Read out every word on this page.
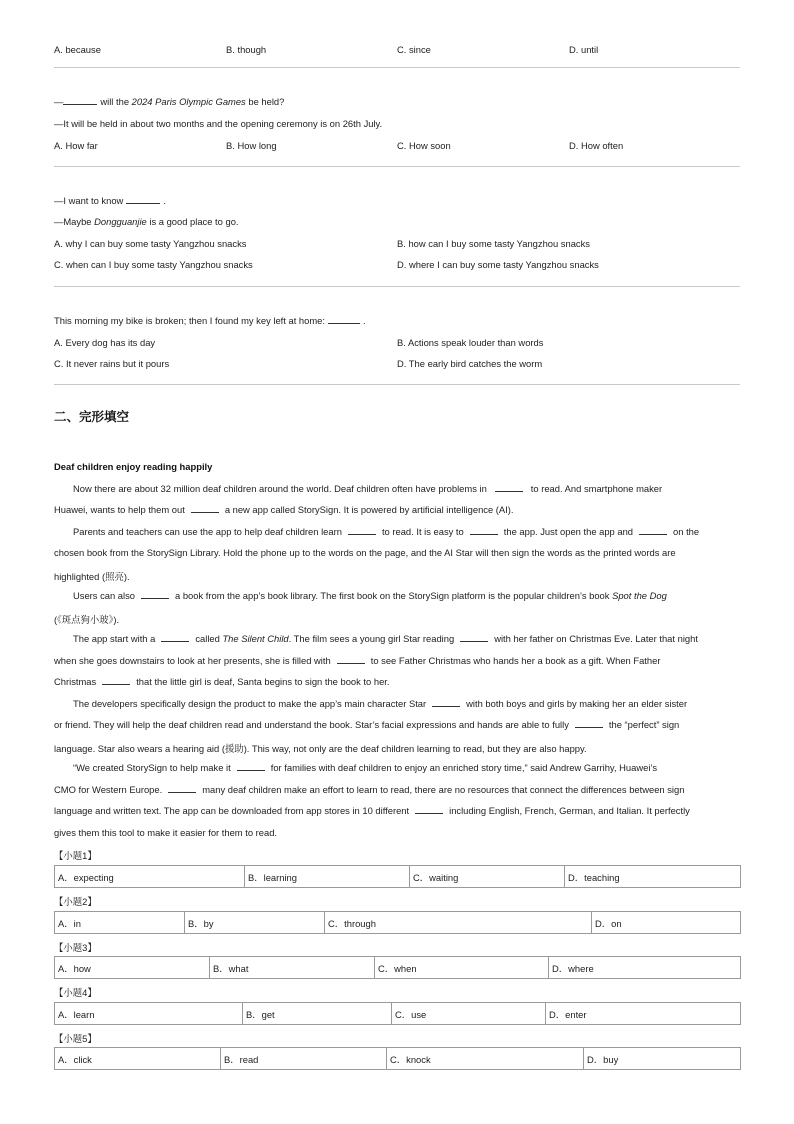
A. because	B. though	C. since	D. until
—	will the 2024 Paris Olympic Games be held?
—It will be held in about two months and the opening ceremony is on 26th July.
A. How far	B. How long	C. How soon	D. How often
—I want to know	.
—Maybe Dongguanjie is a good place to go.
A. why I can buy some tasty Yangzhou snacks	B. how can I buy some tasty Yangzhou snacks
C. when can I buy some tasty Yangzhou snacks	D. where I can buy some tasty Yangzhou snacks
This morning my bike is broken; then I found my key left at home:	.
A. Every dog has its day	B. Actions speak louder than words
C. It never rains but it pours	D. The early bird catches the worm
二、完形填空
Deaf children enjoy reading happily
Now there are about 32 million deaf children around the world. Deaf children often have problems in	to read. And smartphone maker
Huawei, wants to help them out	a new app called StorySign. It is powered by artificial intelligence (AI).
Parents and teachers can use the app to help deaf children learn	to read. It is easy to	the app. Just open the app and	on the
chosen book from the StorySign Library. Hold the phone up to the words on the page, and the AI Star will then sign the words as the printed words are
highlighted (照亮).
Users can also	a book from the app’s book library. The first book on the StorySign platform is the popular children’s book Spot the Dog
(《斑点狗小玻》).
The app start with a	called The Silent Child. The film sees a young girl Star reading	with her father on Christmas Eve. Later that night
when she goes downstairs to look at her presents, she is filled with	to see Father Christmas who hands her a book as a gift. When Father
Christmas	that the little girl is deaf, Santa begins to sign the book to her.
The developers specifically design the product to make the app’s main character Star	with both boys and girls by making her an elder sister
or friend. They will help the deaf children read and understand the book. Star’s facial expressions and hands are able to fully	the “perfect” sign
language. Star also wears a hearing aid (援助). This way, not only are the deaf children learning to read, but they are also happy.
“We created StorySign to help make it	for families with deaf children to enjoy an enriched story time,” said Andrew Garrihy, Huawei’s
CMO for Western Europe.	many deaf children make an effort to learn to read, there are no resources that connect the differences between sign
language and written text. The app can be downloaded from app stores in 10 different	including English, French, German, and Italian. It perfectly
gives them this tool to make it easier for them to read.
【小题1】
A．expecting	B．learning	C．waiting	D．teaching
【小题2】
A．in	B．by	C．through	D．on
【小题3】
A．how	B．what	C．when	D．where
【小题4】
A．learn	B．get	C．use	D．enter
【小题5】
A．click	B．read	C．knock	D．buy
